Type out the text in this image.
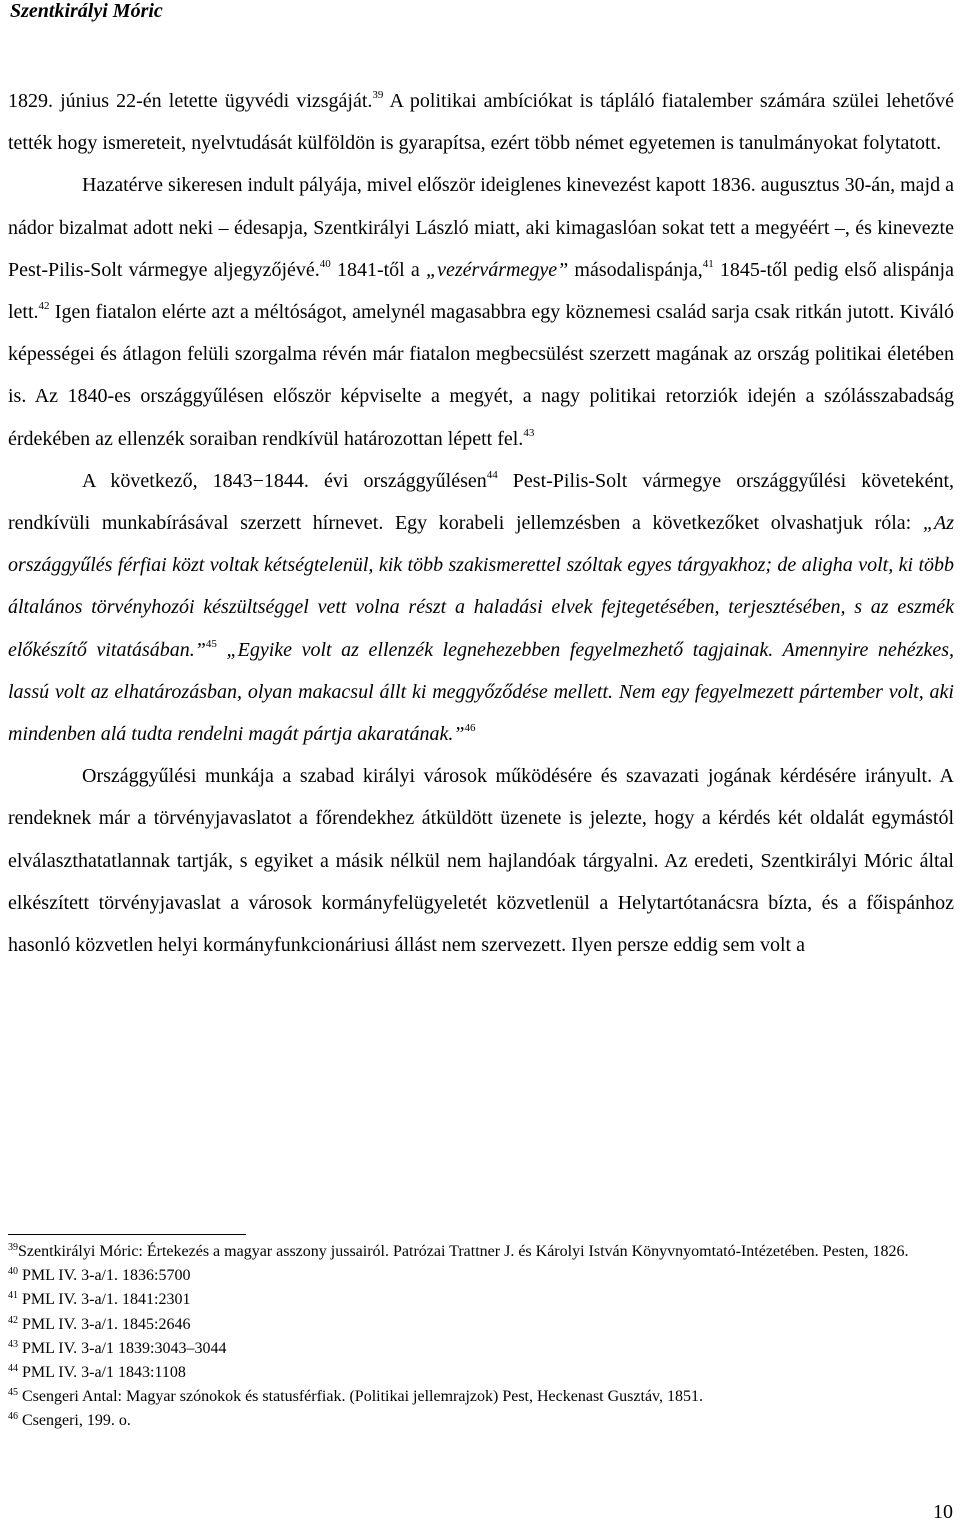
Szentkirályi Móric

1829. június 22-én letette ügyvédi vizsgáját.$^{39}$ A politikai ambíciókat is tápláló fiatalember számára szülei lehetővé tették hogy ismereteit, nyelvtudását külföldön is gyarapítsa, ezért több német egyetemen is tanulmányokat folytatott.

Hazatérve sikeresen indult pályája, mivel először ideiglenes kinevezést kapott 1836. augusztus 30-án, majd a nádor bizalmat adott neki – édesapja, Szentkirályi László miatt, aki kimagaslóan sokat tett a megyéért –, és kinevezte Pest-Pilis-Solt vármegye aljegyzőjévé.$^{40}$ 1841-től a „vezérvármegye” másodalispánja,$^{41}$ 1845-től pedig első alispánja lett.$^{42}$ Igen fiatalon elérte azt a méltóságot, amelynél magasabbra egy köznemesi család sarja csak ritkán jutott. Kiváló képességei és átlagon felüli szorgalma révén már fiatalon megbecsülést szerzett magának az ország politikai életében is. Az 1840-es országgyűlésen először képviselte a megyét, a nagy politikai retorziók idején a szólásszabadság érdekében az ellenzék soraiban rendkívül határozottan lépett fel.$^{43}$

A következő, 1843−1844. évi országgyűlésen$^{44}$ Pest-Pilis-Solt vármegye országgyűlési követeként, rendkívüli munkabírásával szerzett hírnevet. Egy korabeli jellemzésben a következőket olvashatjuk róla: „Az országgyűlés férfiai közt voltak kétségtelenül, kik több szakismerettel szóltak egyes tárgyakhoz; de aligha volt, ki több általános törvényhozói készültséggel vett volna részt a haladási elvek fejtegetésében, terjesztésében, s az eszmék előkészítő vitatásában.”$^{45}$ „Egyike volt az ellenzék legnehezebben fegyelmezhető tagjainak. Amennyire nehézkes, lassú volt az elhatározásban, olyan makacsul állt ki meggyőződése mellett. Nem egy fegyelmezett pártember volt, aki mindenben alá tudta rendelni magát pártja akaratának.”$^{46}$

Országgyűlési munkája a szabad királyi városok működésére és szavazati jogának kérdésére irányult. A rendeknek már a törvényjavaslatot a főrendekhez átküldött üzenete is jelezte, hogy a kérdés két oldalát egymástól elválaszthatatlannak tartják, s egyiket a másik nélkül nem hajlandóak tárgyalni. Az eredeti, Szentkirályi Móric által elkészített törvényjavaslat a városok kormányfelügyeletét közvetlenül a Helytartótanácsra bízta, és a főispánhoz hasonló közvetlen helyi kormányfunkcionáriusi állást nem szervezett. Ilyen persze eddig sem volt a

$^{39}$Szentkirályi Móric: Értekezés a magyar asszony jussairól. Patrózai Trattner J. és Károlyi István Könyvnyomtató-Intézetében. Pesten, 1826.

$^{40}$ PML IV. 3-a/1. 1836:5700

$^{41}$ PML IV. 3-a/1. 1841:2301

$^{42}$ PML IV. 3-a/1. 1845:2646

$^{43}$ PML IV. 3-a/1 1839:3043–3044

$^{44}$ PML IV. 3-a/1 1843:1108

$^{45}$ Csengeri Antal: Magyar szónokok és statusférfiak. (Politikai jellemrajzok) Pest, Heckenast Gusztáv, 1851.

$^{46}$ Csengeri, 199. o.

10
